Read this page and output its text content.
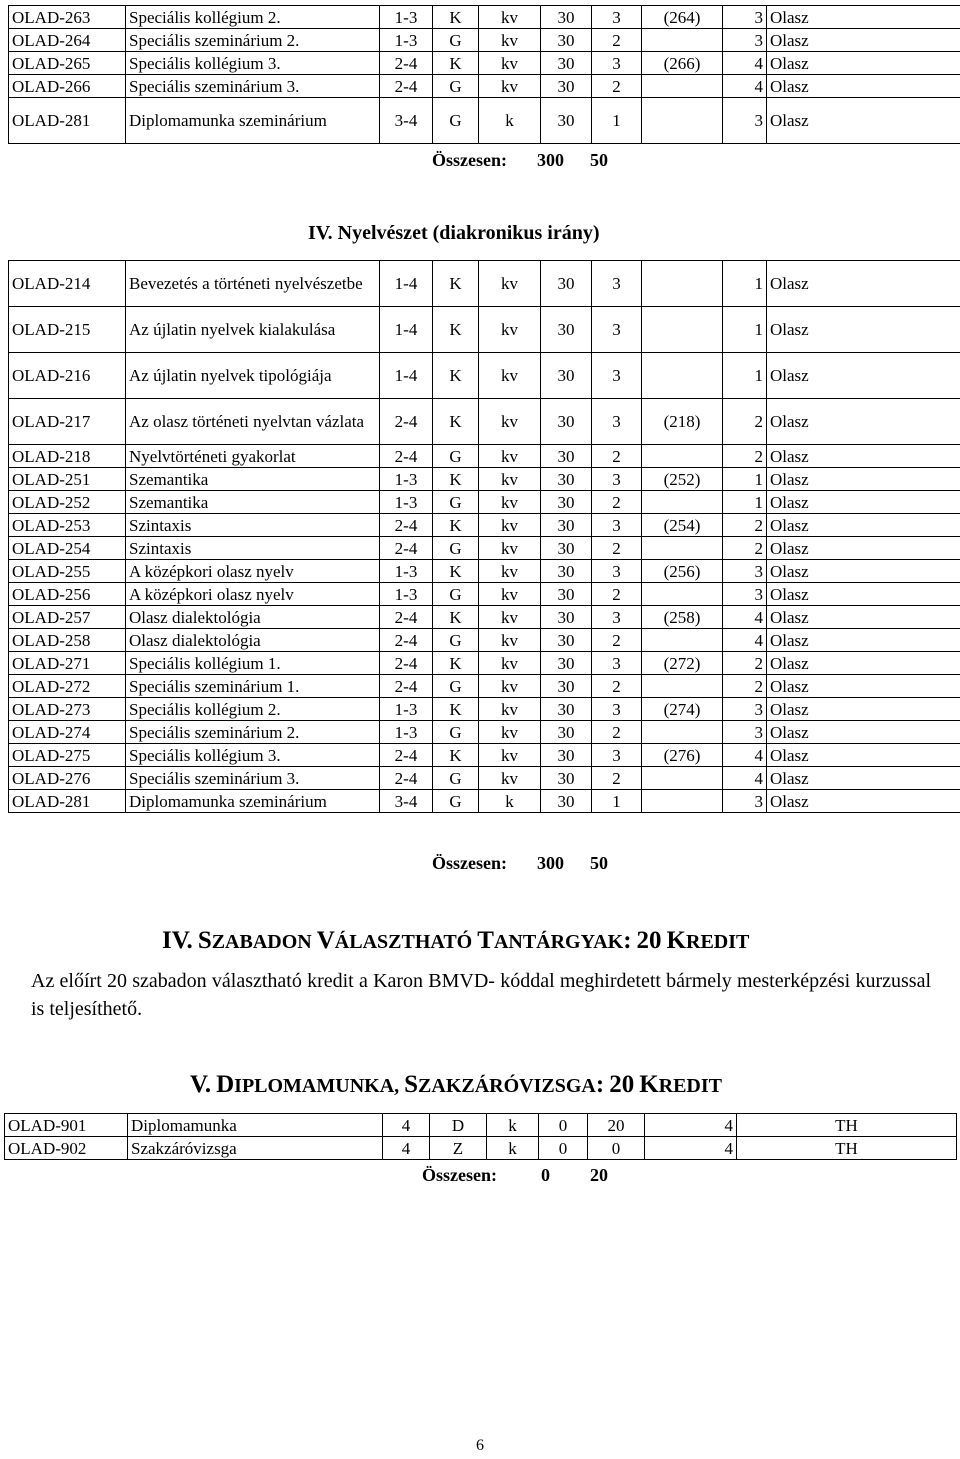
OLAD-263	Speciális kollégium 2.	1-3	K	kv	30	3	(264)	3	Olasz
OLAD-264	Speciális szeminárium 2.	1-3	G	kv	30	2		3	Olasz
OLAD-265	Speciális kollégium 3.	2-4	K	kv	30	3	(266)	4	Olasz
OLAD-266	Speciális szeminárium 3.	2-4	G	kv	30	2		4	Olasz
OLAD-281	Diplomamunka szeminárium	3-4	G	k	30	1		3	Olasz
Összesen: 300 50
IV. Nyelvészet (diakronikus irány)
OLAD-214	Bevezetés a történeti nyelvészetbe	1-4	K	kv	30	3		1	Olasz
OLAD-215	Az újlatin nyelvek kialakulása	1-4	K	kv	30	3		1	Olasz
OLAD-216	Az újlatin nyelvek tipológiája	1-4	K	kv	30	3		1	Olasz
OLAD-217	Az olasz történeti nyelvtan vázlata	2-4	K	kv	30	3	(218)	2	Olasz
OLAD-218	Nyelvtörténeti gyakorlat	2-4	G	kv	30	2		2	Olasz
OLAD-251	Szemantika	1-3	K	kv	30	3	(252)	1	Olasz
OLAD-252	Szemantika	1-3	G	kv	30	2		1	Olasz
OLAD-253	Szintaxis	2-4	K	kv	30	3	(254)	2	Olasz
OLAD-254	Szintaxis	2-4	G	kv	30	2		2	Olasz
OLAD-255	A középkori olasz nyelv	1-3	K	kv	30	3	(256)	3	Olasz
OLAD-256	A középkori olasz nyelv	1-3	G	kv	30	2		3	Olasz
OLAD-257	Olasz dialektológia	2-4	K	kv	30	3	(258)	4	Olasz
OLAD-258	Olasz dialektológia	2-4	G	kv	30	2		4	Olasz
OLAD-271	Speciális kollégium 1.	2-4	K	kv	30	3	(272)	2	Olasz
OLAD-272	Speciális szeminárium 1.	2-4	G	kv	30	2		2	Olasz
OLAD-273	Speciális kollégium 2.	1-3	K	kv	30	3	(274)	3	Olasz
OLAD-274	Speciális szeminárium 2.	1-3	G	kv	30	2		3	Olasz
OLAD-275	Speciális kollégium 3.	2-4	K	kv	30	3	(276)	4	Olasz
OLAD-276	Speciális szeminárium 3.	2-4	G	kv	30	2		4	Olasz
OLAD-281	Diplomamunka szeminárium	3-4	G	k	30	1		3	Olasz
Összesen: 300 50
IV. SZABADON VÁLASZTHATÓ TANTÁRGYAK: 20 KREDIT
Az előírt 20 szabadon választható kredit a Karon BMVD- kóddal meghirdetett bármely mesterképzési kurzussal is teljesíthető.
V. DIPLOMAMUNKA, SZAKZÁRÓVIZSGA: 20 KREDIT
OLAD-901	Diplomamunka	4	D	k	0	20	4	TH
OLAD-902	Szakzáróvizsga	4	Z	k	0	0	4	TH
Összesen: 0 20
6
